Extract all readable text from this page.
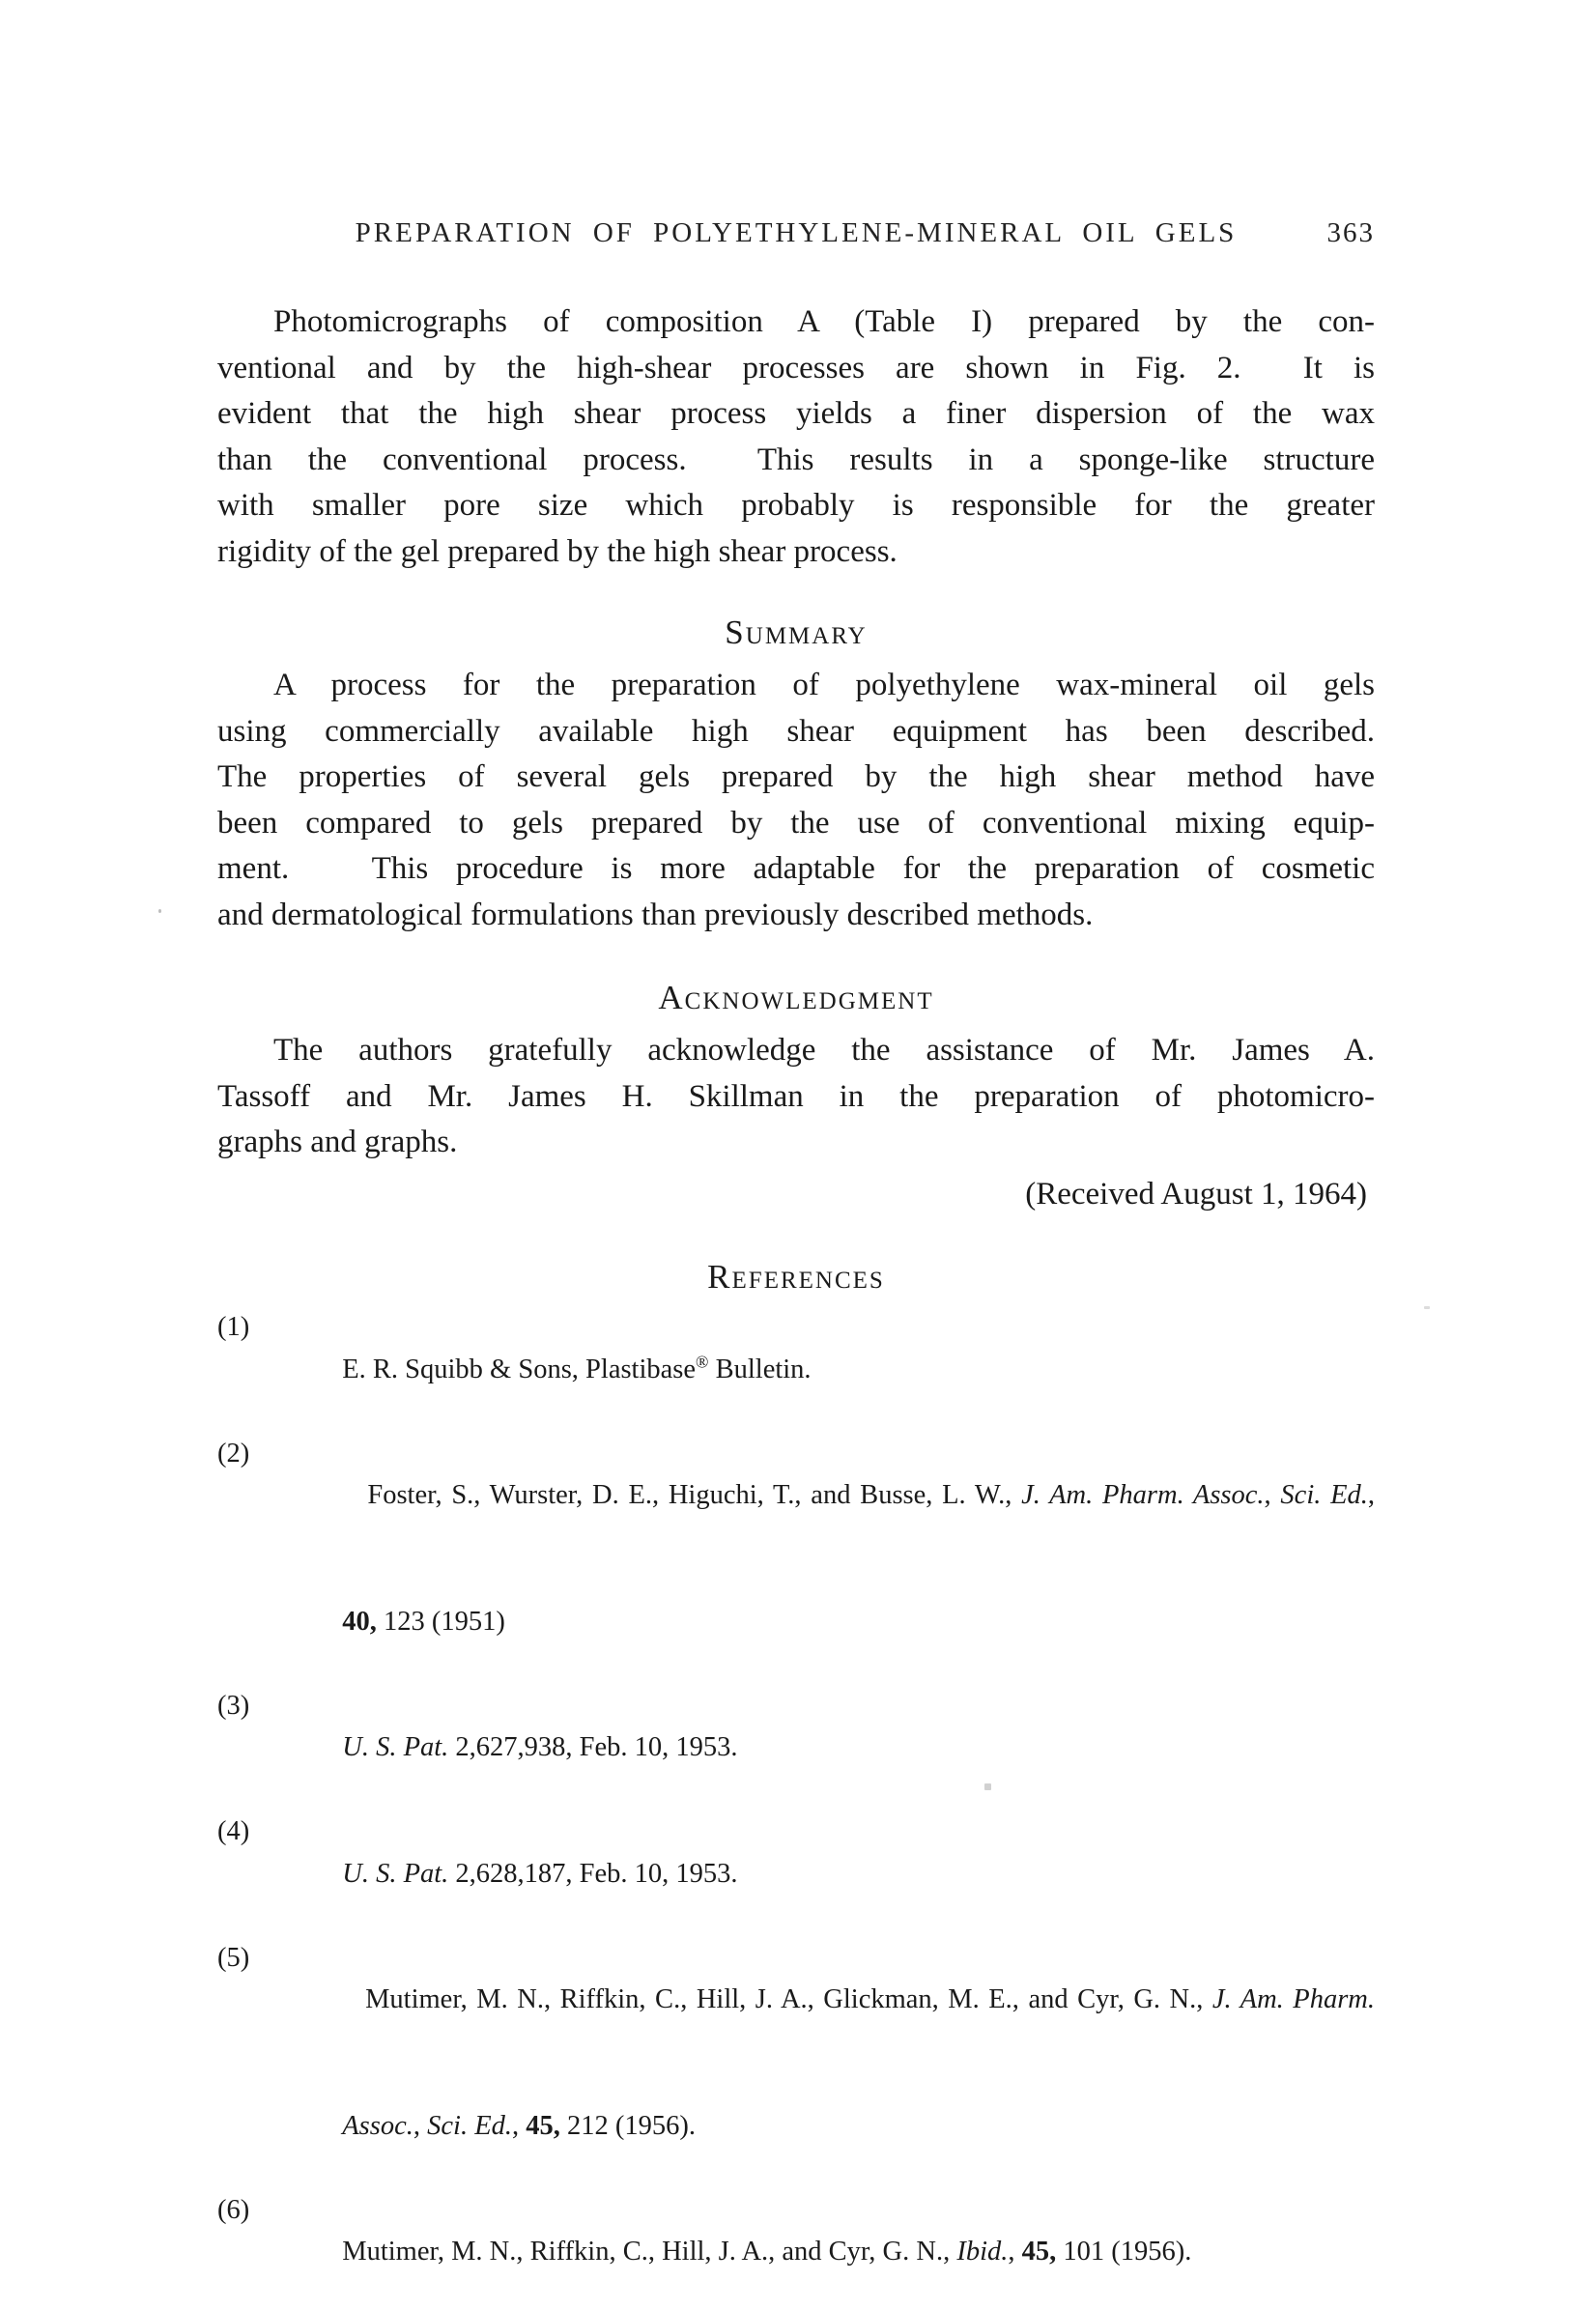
PREPARATION OF POLYETHYLENE-MINERAL OIL GELS	363
Photomicrographs of composition A (Table I) prepared by the con-
ventional and by the high-shear processes are shown in Fig. 2.  It is
evident that the high shear process yields a finer dispersion of the wax
than the conventional process.  This results in a sponge-like structure
with smaller pore size which probably is responsible for the greater
rigidity of the gel prepared by the high shear process.
Summary
A process for the preparation of polyethylene wax-mineral oil gels
using commercially available high shear equipment has been described.
The properties of several gels prepared by the high shear method have
been compared to gels prepared by the use of conventional mixing equip-
ment.   This procedure is more adaptable for the preparation of cosmetic
and dermatological formulations than previously described methods.
Acknowledgment
The authors gratefully acknowledge the assistance of Mr. James A.
Tassoff and Mr. James H. Skillman in the preparation of photomicro-
graphs and graphs.
(Received August 1, 1964)
References

(1)
E. R. Squibb & Sons, Plastibase® Bulletin.

(2)
Foster, S., Wurster, D. E., Higuchi, T., and Busse, L. W., J. Am. Pharm. Assoc., Sci. Ed.,

40, 123 (1951)

(3)
U. S. Pat. 2,627,938, Feb. 10, 1953.

(4)
U. S. Pat. 2,628,187, Feb. 10, 1953.

(5)
Mutimer, M. N., Riffkin, C., Hill, J. A., Glickman, M. E., and Cyr, G. N., J. Am. Pharm.

Assoc., Sci. Ed., 45, 212 (1956).

(6)
Mutimer, M. N., Riffkin, C., Hill, J. A., and Cyr, G. N., Ibid., 45, 101 (1956).
